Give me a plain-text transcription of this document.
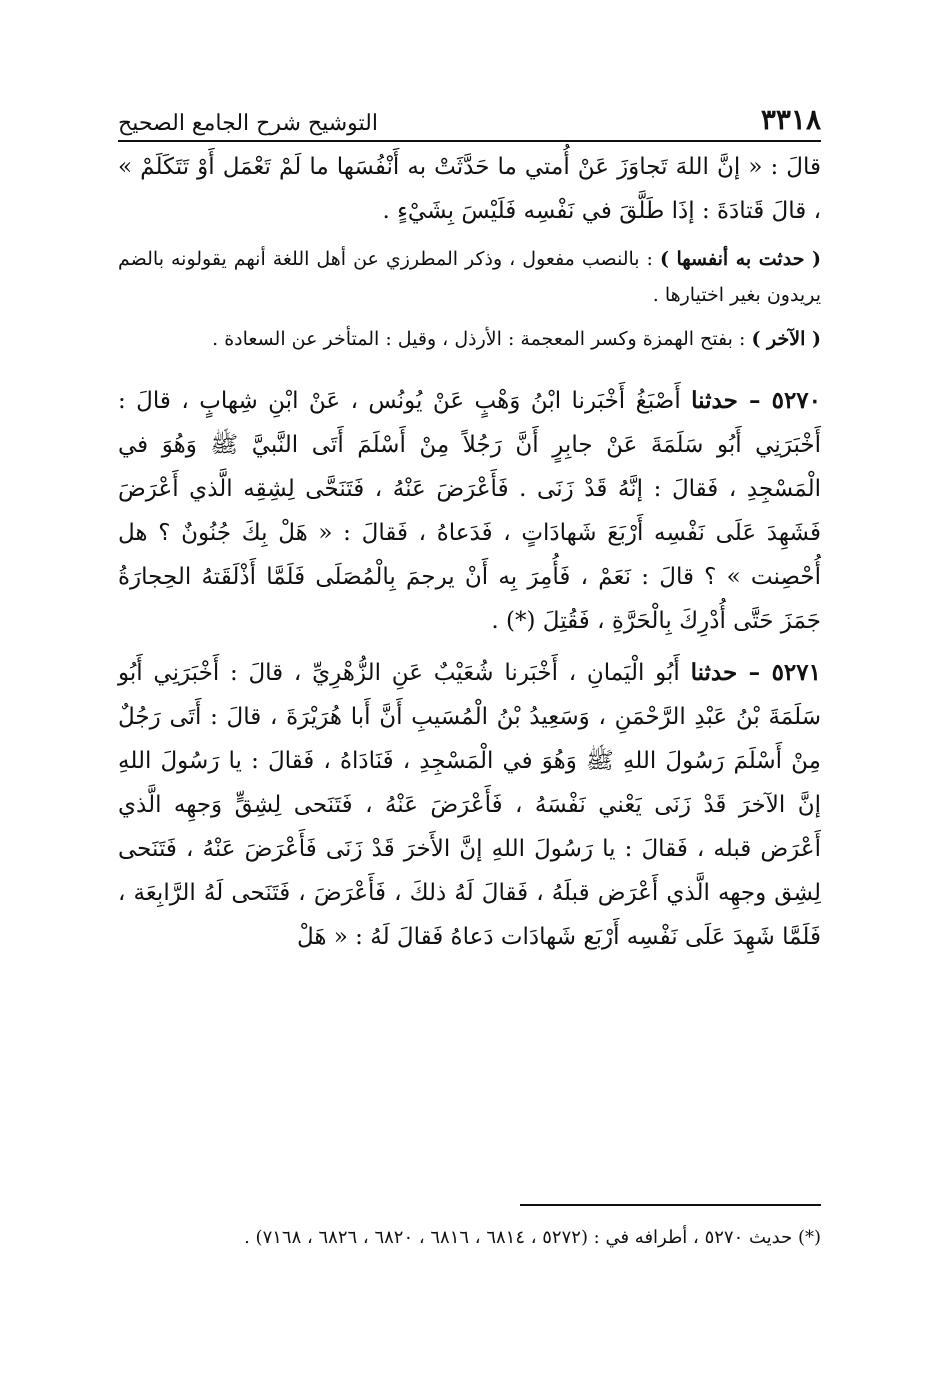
٣٣١٨
التوشيح شرح الجامع الصحيح

قالَ : « إنَّ اللهَ تَجاوَزَ عَنْ أُمتي ما حَدَّثَتْ به أَنْفُسَها ما لَمْ تَعْمَل أَوْ تَتَكَلَمْ » ، قالَ قَتادَةَ : إذَا طَلَّقَ في نَفْسِه فَلَيْسَ بِشَيْءٍ .

( حدثت به أنفسها ) : بالنصب مفعول ، وذكر المطرزي عن أهل اللغة أنهم يقولونه بالضم يريدون بغير اختيارها .

( الآخر ) : بفتح الهمزة وكسر المعجمة : الأرذل ، وقيل : المتأخر عن السعادة .

٥٢٧٠ – حدثنا أَصْبَغُ أَخْبَرنا ابْنُ وَهْبٍ عَنْ يُونُس ، عَنْ ابْنِ شِهابٍ ، قالَ : أَخْبَرَنِي أَبُو سَلَمَةَ عَنْ جابِرٍ أَنَّ رَجُلاً مِنْ أَسْلَمَ أَتَى النَّبيَّ ﷺ وَهُوَ في الْمَسْجِدِ ، فَقالَ : إنَّهُ قَدْ زَنَى . فَأَعْرَضَ عَنْهُ ، فَتَنَحَّى لِشِقِه الَّذي أَعْرَضَ فَشَهِدَ عَلَى نَفْسِه أَرْبَعَ شَهادَاتٍ ، فَدَعاهُ ، فَقالَ : « هَلْ بِكَ جُنُونٌ ؟ هل أُحْصِنت » ؟ قالَ : نَعَمْ ، فَأُمِرَ بِه أَنْ يرجمَ بِالْمُصَلَى فَلَمَّا أَذْلَقَتهُ الحِجارَةُ جَمَزَ حَتَّى أُدْرِكَ بِالْحَرَّةِ ، فَقُتِلَ (*) .

٥٢٧١ – حدثنا أَبُو الْيَمانِ ، أَخْبَرنا شُعَيْبٌ عَنِ الزُّهْرِيِّ ، قالَ : أَخْبَرَنِي أَبُو سَلَمَةَ بْنُ عَبْدِ الرَّحْمَنِ ، وَسَعِيدُ بْنُ الْمُسَيبِ أَنَّ أَبا هُرَيْرَةَ ، قالَ : أَتَى رَجُلٌ مِنْ أَسْلَمَ رَسُولَ اللهِ ﷺ وَهُوَ في الْمَسْجِدِ ، فَنَادَاهُ ، فَقالَ : يا رَسُولَ اللهِ إنَّ الآخرَ قَدْ زَنَى يَعْني نَفْسَهُ ، فَأَعْرَضَ عَنْهُ ، فَتَنَحى لِشِقٍّ وَجهِه الَّذي أَعْرَض قبله ، فَقالَ : يا رَسُولَ اللهِ إنَّ الأَخرَ قَدْ زَنَى فَأَعْرَضَ عَنْهُ ، فَتَنَحى لِشِق وجهِه الَّذي أَعْرَض قبلَهُ ، فَقالَ لَهُ ذلكَ ، فَأَعْرَضَ ، فَتَنَحى لَهُ الرَّابِعَة ، فَلَمَّا شَهِدَ عَلَى نَفْسِه أَرْبَع شَهادَات دَعاهُ فَقالَ لَهُ : « هَلْ

(*) حديث ٥٢٧٠ ، أطرافه في : (٥٢٧٢ ، ٦٨١٤ ، ٦٨١٦ ، ٦٨٢٠ ، ٦٨٢٦ ، ٧١٦٨) .
